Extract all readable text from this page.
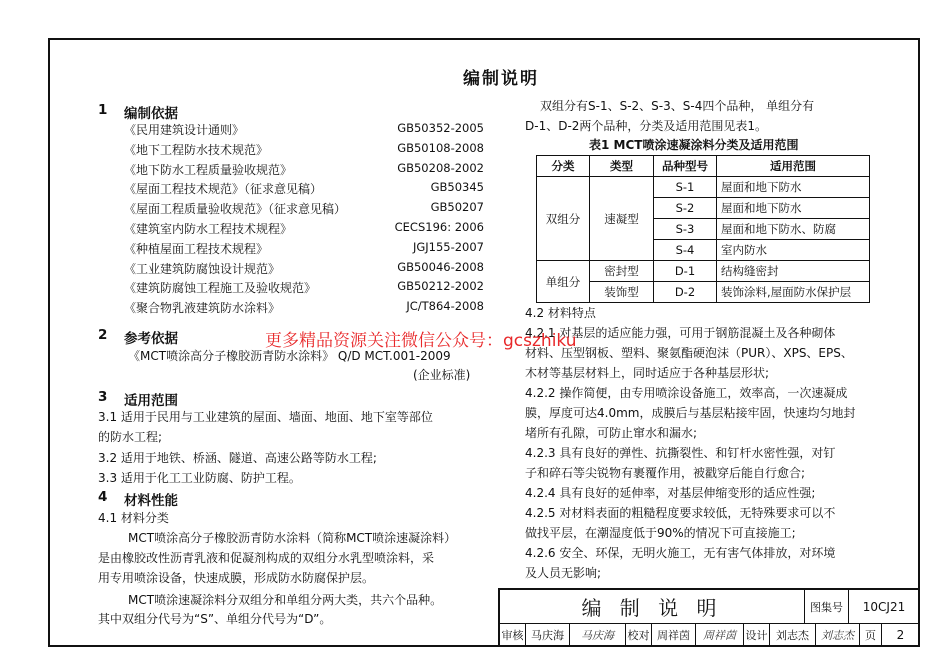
编制说明
1 编制依据
《民用建筑设计通则》	GB50352-2005
《地下工程防水技术规范》	GB50108-2008
《地下防水工程质量验收规范》	GB50208-2002
《屋面工程技术规范》（征求意见稿）	GB50345
《屋面工程质量验收规范》（征求意见稿）	GB50207
《建筑室内防水工程技术规程》	CECS196: 2006
《种植屋面工程技术规程》	JGJ155-2007
《工业建筑防腐蚀设计规范》	GB50046-2008
《建筑防腐蚀工程施工及验收规范》	GB50212-2002
《聚合物乳液建筑防水涂料》	JC/T864-2008
2 参考依据
《MCT喷涂高分子橡胶沥青防水涂料》 Q/D MCT.001-2009
(企业标准)
3 适用范围
3.1 适用于民用与工业建筑的屋面、墙面、地面、地下室等部位
的防水工程;
3.2 适用于地铁、桥涵、隧道、高速公路等防水工程;
3.3 适用于化工工业防腐、防护工程。
4 材料性能
4.1 材料分类
MCT喷涂高分子橡胶沥青防水涂料（简称MCT喷涂速凝涂料）
是由橡胶改性沥青乳液和促凝剂构成的双组分水乳型喷涂料，采
用专用喷涂设备，快速成膜，形成防水防腐保护层。
MCT喷涂速凝涂料分双组分和单组分两大类，共六个品种。
其中双组分代号为“S”、单组分代号为“D”。
双组分有S-1、S-2、S-3、S-4四个品种， 单组分有
D-1、D-2两个品种，分类及适用范围见表1。
表1 MCT喷涂速凝涂料分类及适用范围
分类	类型	品种型号	适用范围
双组分	速凝型	S-1	屋面和地下防水
		S-2	屋面和地下防水
		S-3	屋面和地下防水、防腐
		S-4	室内防水
单组分	密封型	D-1	结构缝密封
	装饰型	D-2	装饰涂料,屋面防水保护层
4.2 材料特点
4.2.1 对基层的适应能力强，可用于钢筋混凝土及各种砌体
材料、压型钢板、塑料、聚氨酯硬泡沫（PUR）、XPS、EPS、
木材等基层材料上，同时适应于各种基层形状;
4.2.2 操作简便，由专用喷涂设备施工，效率高，一次速凝成
膜，厚度可达4.0mm，成膜后与基层粘接牢固，快速均匀地封
堵所有孔隙，可防止窜水和漏水;
4.2.3 具有良好的弹性、抗撕裂性、和钉杆水密性强，对钉
子和碎石等尖锐物有裹覆作用，被戳穿后能自行愈合;
4.2.4 具有良好的延伸率，对基层伸缩变形的适应性强;
4.2.5 对材料表面的粗糙程度要求较低，无特殊要求可以不
做找平层，在潮湿度低于90%的情况下可直接施工;
4.2.6 安全、环保，无明火施工，无有害气体排放，对环境
及人员无影响;
更多精品资源关注微信公众号：gcszhiku
编 制 说 明	图集号	10CJ21
审核 马庆海	马庆海	校对 周祥茵	周祥茵 设计 刘志杰	刘志杰	页	2
